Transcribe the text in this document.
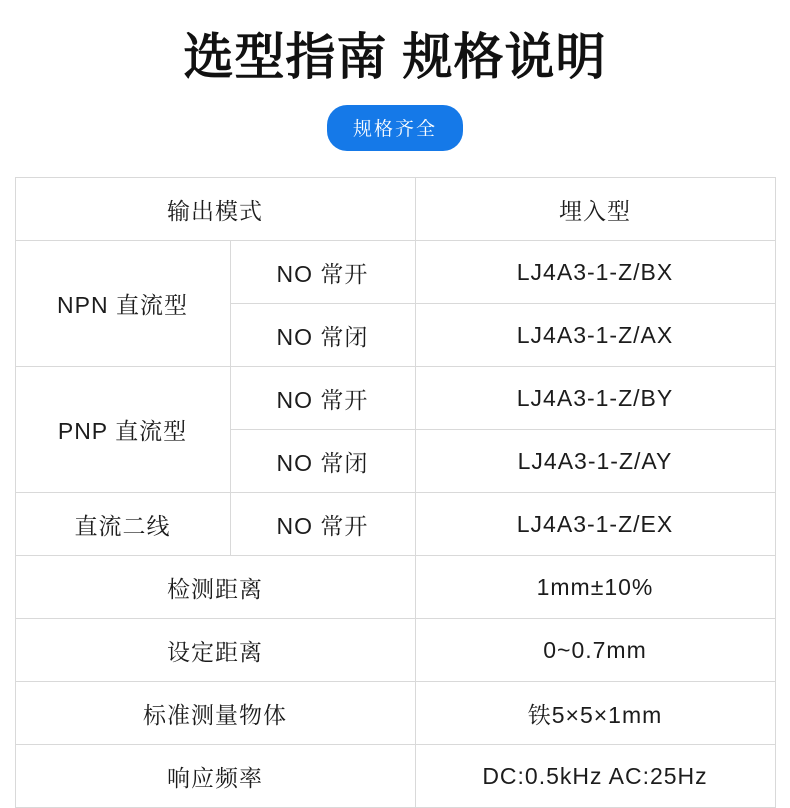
选型指南 规格说明
规格齐全
输出模式		埋入型
NPN 直流型	NO 常开	LJ4A3-1-Z/BX
	NO 常闭	LJ4A3-1-Z/AX
PNP 直流型	NO 常开	LJ4A3-1-Z/BY
	NO 常闭	LJ4A3-1-Z/AY
直流二线	NO 常开	LJ4A3-1-Z/EX
检测距离		1mm±10%
设定距离		0~0.7mm
标准测量物体		铁5×5×1mm
响应频率		DC:0.5kHz AC:25Hz
